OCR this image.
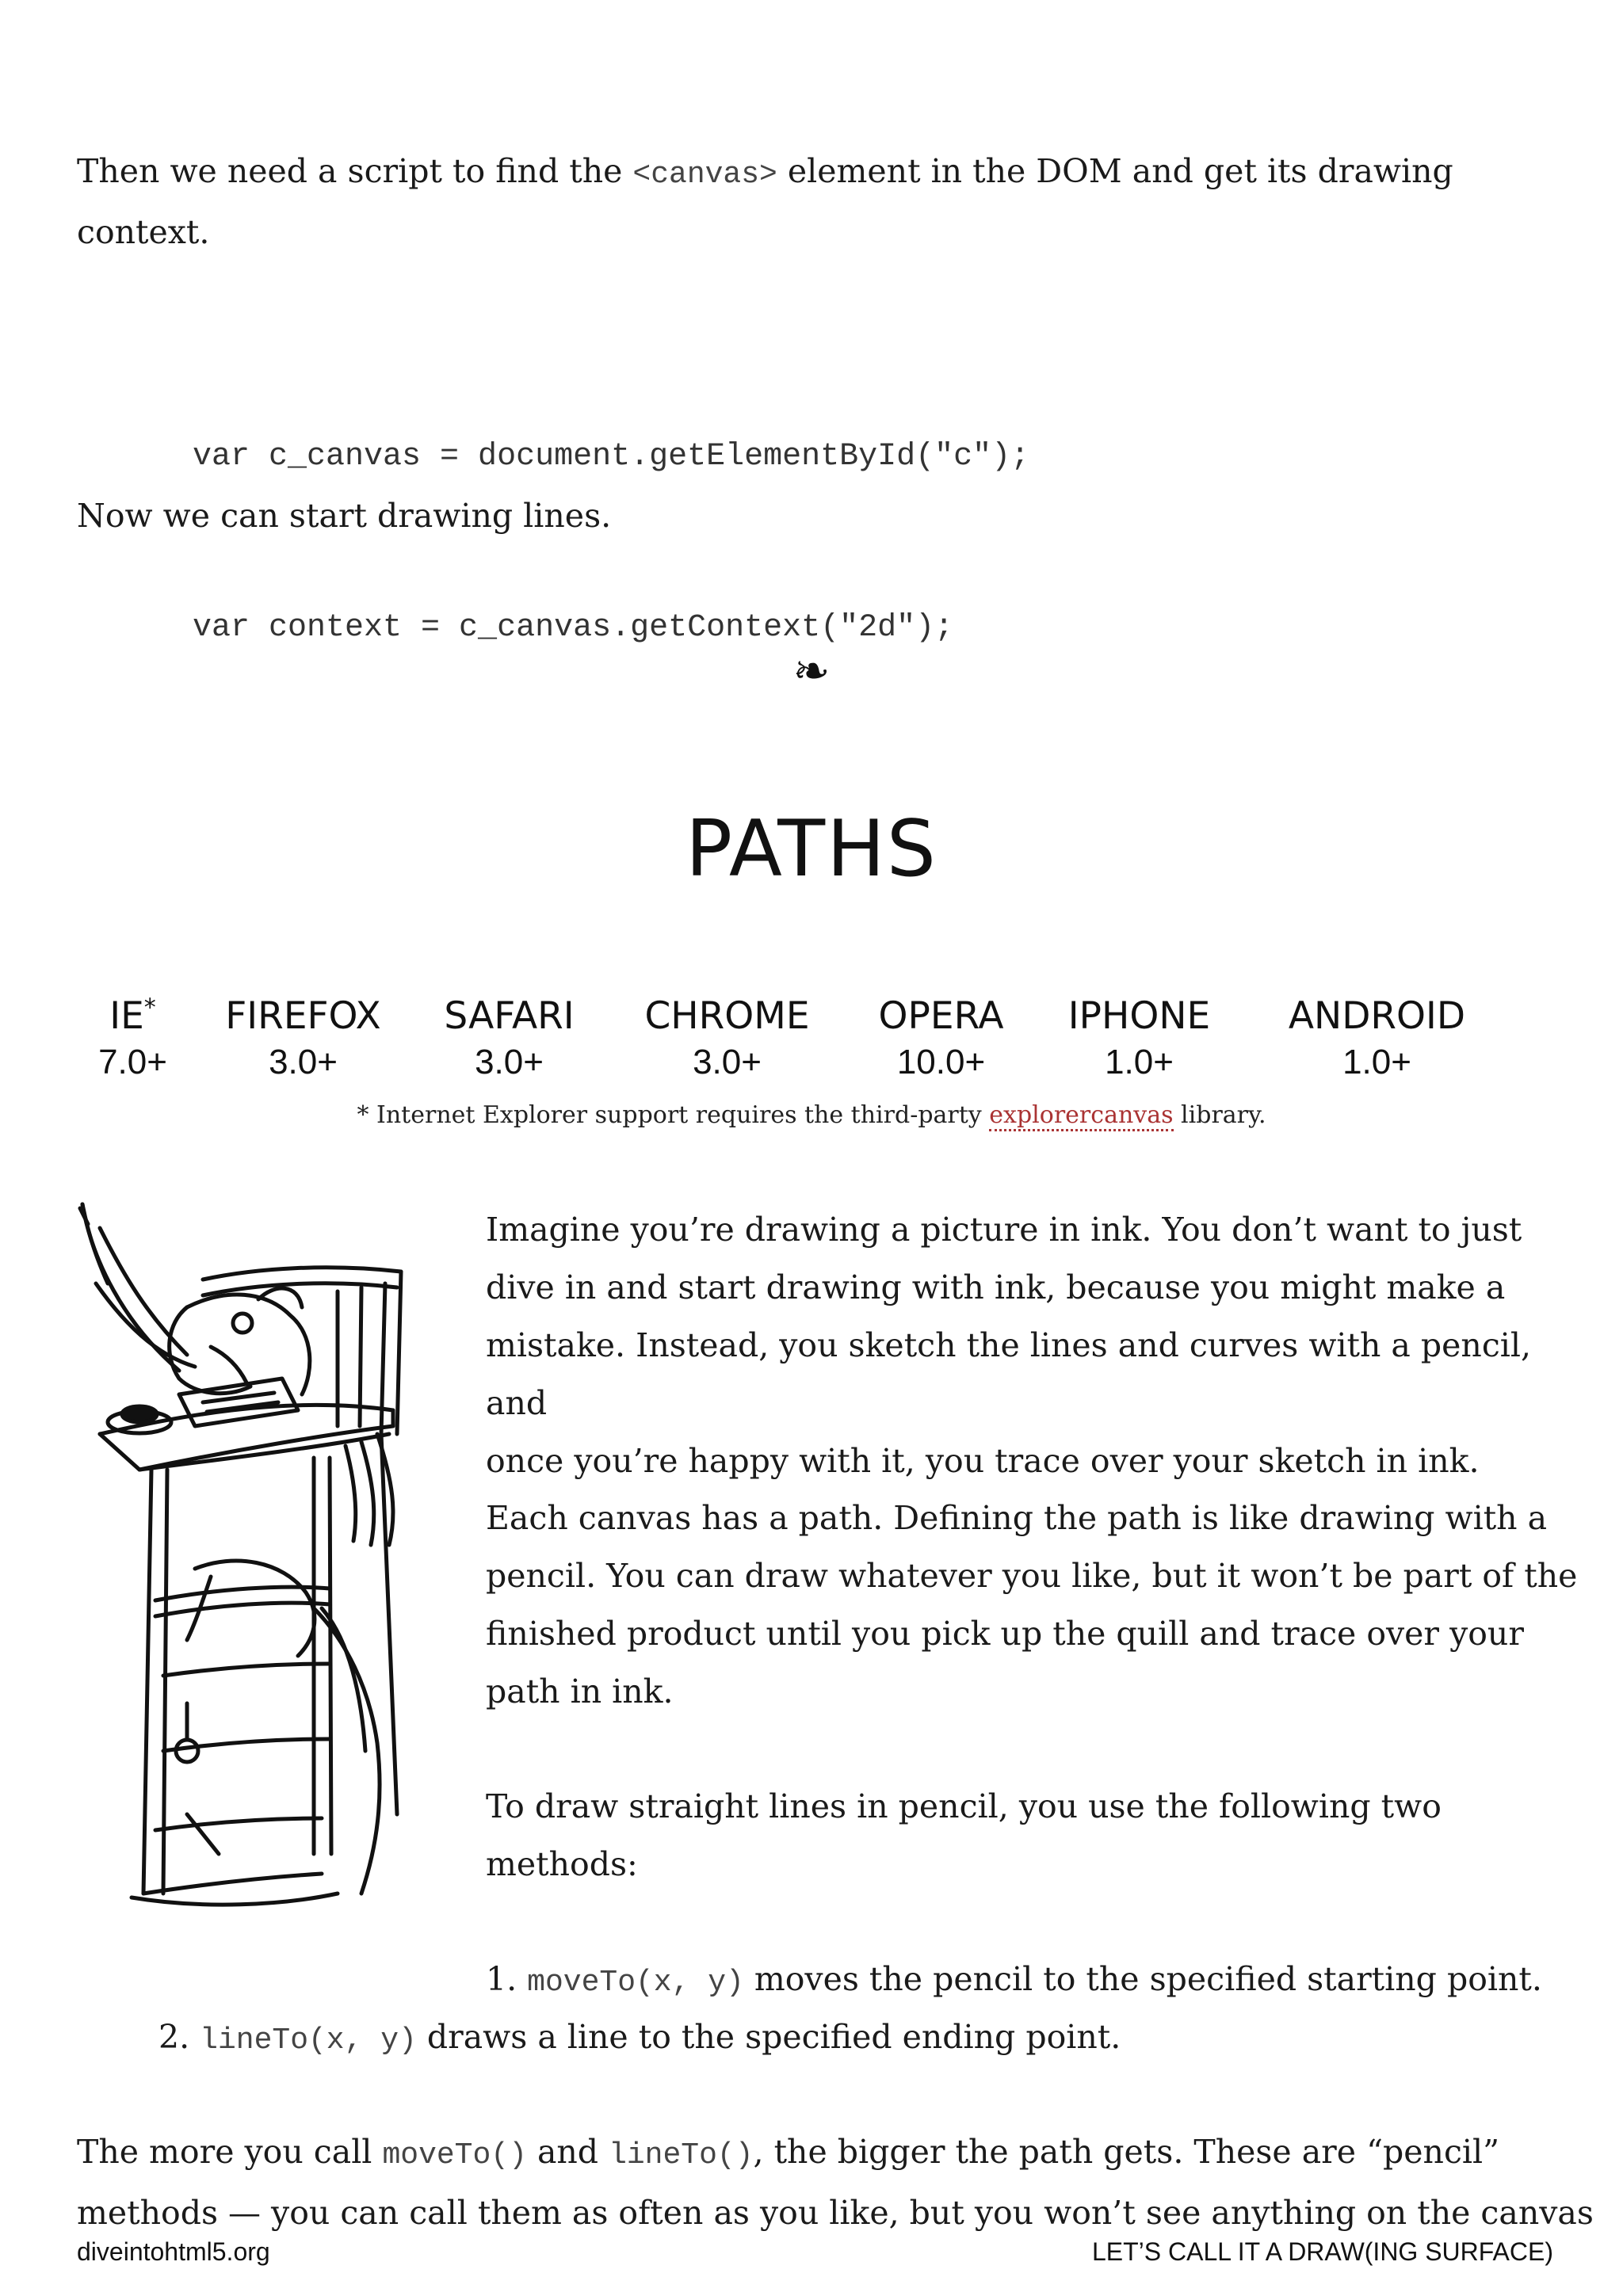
Then we need a script to find the <canvas> element in the DOM and get its drawing
context.

var c_canvas = document.getElementById("c");

var context = c_canvas.getContext("2d");

Now we can start drawing lines.
❧
PATHS
IE*
7.0+
FIREFOX
3.0+
SAFARI
3.0+
CHROME
3.0+
OPERA
10.0+
IPHONE
1.0+
ANDROID
1.0+
* Internet Explorer support requires the third-party explorercanvas library.
Imagine you’re drawing a picture in ink. You don’t want to just
dive in and start drawing with ink, because you might make a
mistake. Instead, you sketch the lines and curves with a pencil, and
once you’re happy with it, you trace over your sketch in ink.
Each canvas has a path. Defining the path is like drawing with a
pencil. You can draw whatever you like, but it won’t be part of the
finished product until you pick up the quill and trace over your
path in ink.
To draw straight lines in pencil, you use the following two
methods:
1. moveTo(x, y) moves the pencil to the specified starting point.
2. lineTo(x, y) draws a line to the specified ending point.
The more you call moveTo() and lineTo(), the bigger the path gets. These are “pencil”
methods — you can call them as often as you like, but you won’t see anything on the canvas
diveintohtml5.org	LET’S CALL IT A DRAW(ING SURFACE)
